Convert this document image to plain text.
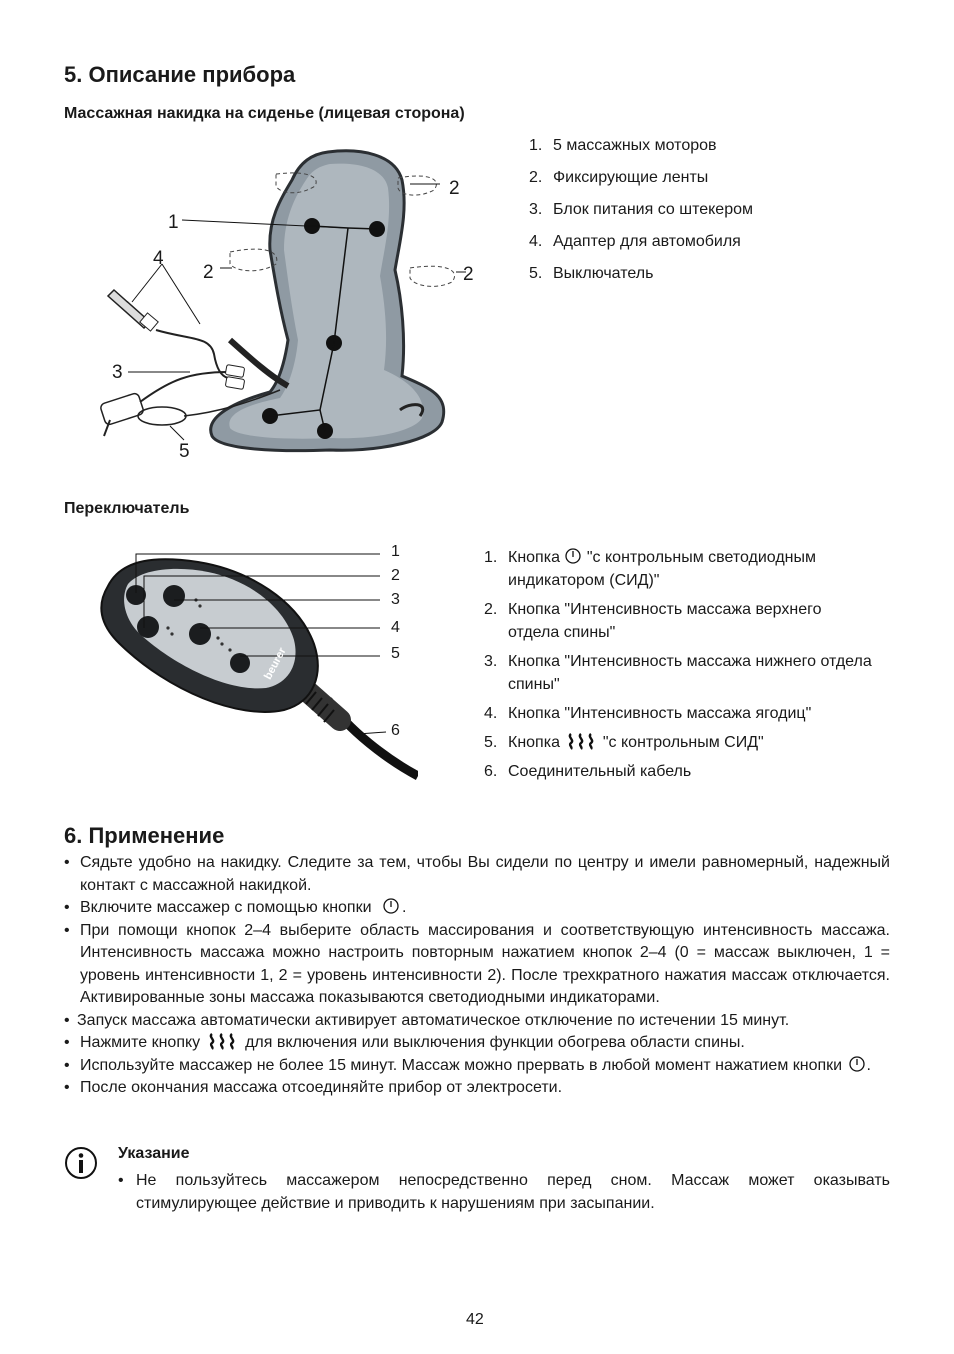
5. Описание прибора
Массажная накидка на сиденье (лицевая сторона)
1
2
2	2
3
4
5
1. 5 массажных моторов
2. Фиксирующие ленты
3. Блок питания со штекером
4. Адаптер для автомобиля
5. Выключатель
Переключатель
beurer
1
2
3
4
5
6
1. Кнопка "с контрольным светодиодным индикатором (СИД)"
2. Кнопка "Интенсивность массажа верхнего отдела спины"
3. Кнопка "Интенсивность массажа нижнего отдела спины"
4. Кнопка "Интенсивность массажа ягодиц"
5. Кнопка	"с контрольным СИД"
6. Соединительный кабель
6. Применение
• Сядьте удобно на накидку. Следите за тем, чтобы Вы сидели по центру и имели равномерный, надежный контакт с массажной накидкой.
• Включите массажер с помощью кнопки .
• При помощи кнопок 2–4 выберите область массирования и соответствующую интенсивность массажа. Интенсивность массажа можно настроить повторным нажатием кнопок 2–4 (0 = массаж выключен, 1 = уровень интенсивности 1, 2 = уровень интенсивности 2). После трехкратного нажатия массаж отключается. Активированные зоны массажа показываются светодиодными индикаторами.
• Запуск массажа автоматически активирует автоматическое отключение по истечении 15 минут.
• Нажмите кнопку	для включения или выключения функции обогрева области спины.
• Используйте массажер не более 15 минут. Массаж можно прервать в любой момент нажатием кнопки .
• После окончания массажа отсоединяйте прибор от электросети.
Указание
• Не пользуйтесь массажером непосредственно перед сном. Массаж может оказывать стимулирующее действие и приводить к нарушениям при засыпании.
42
